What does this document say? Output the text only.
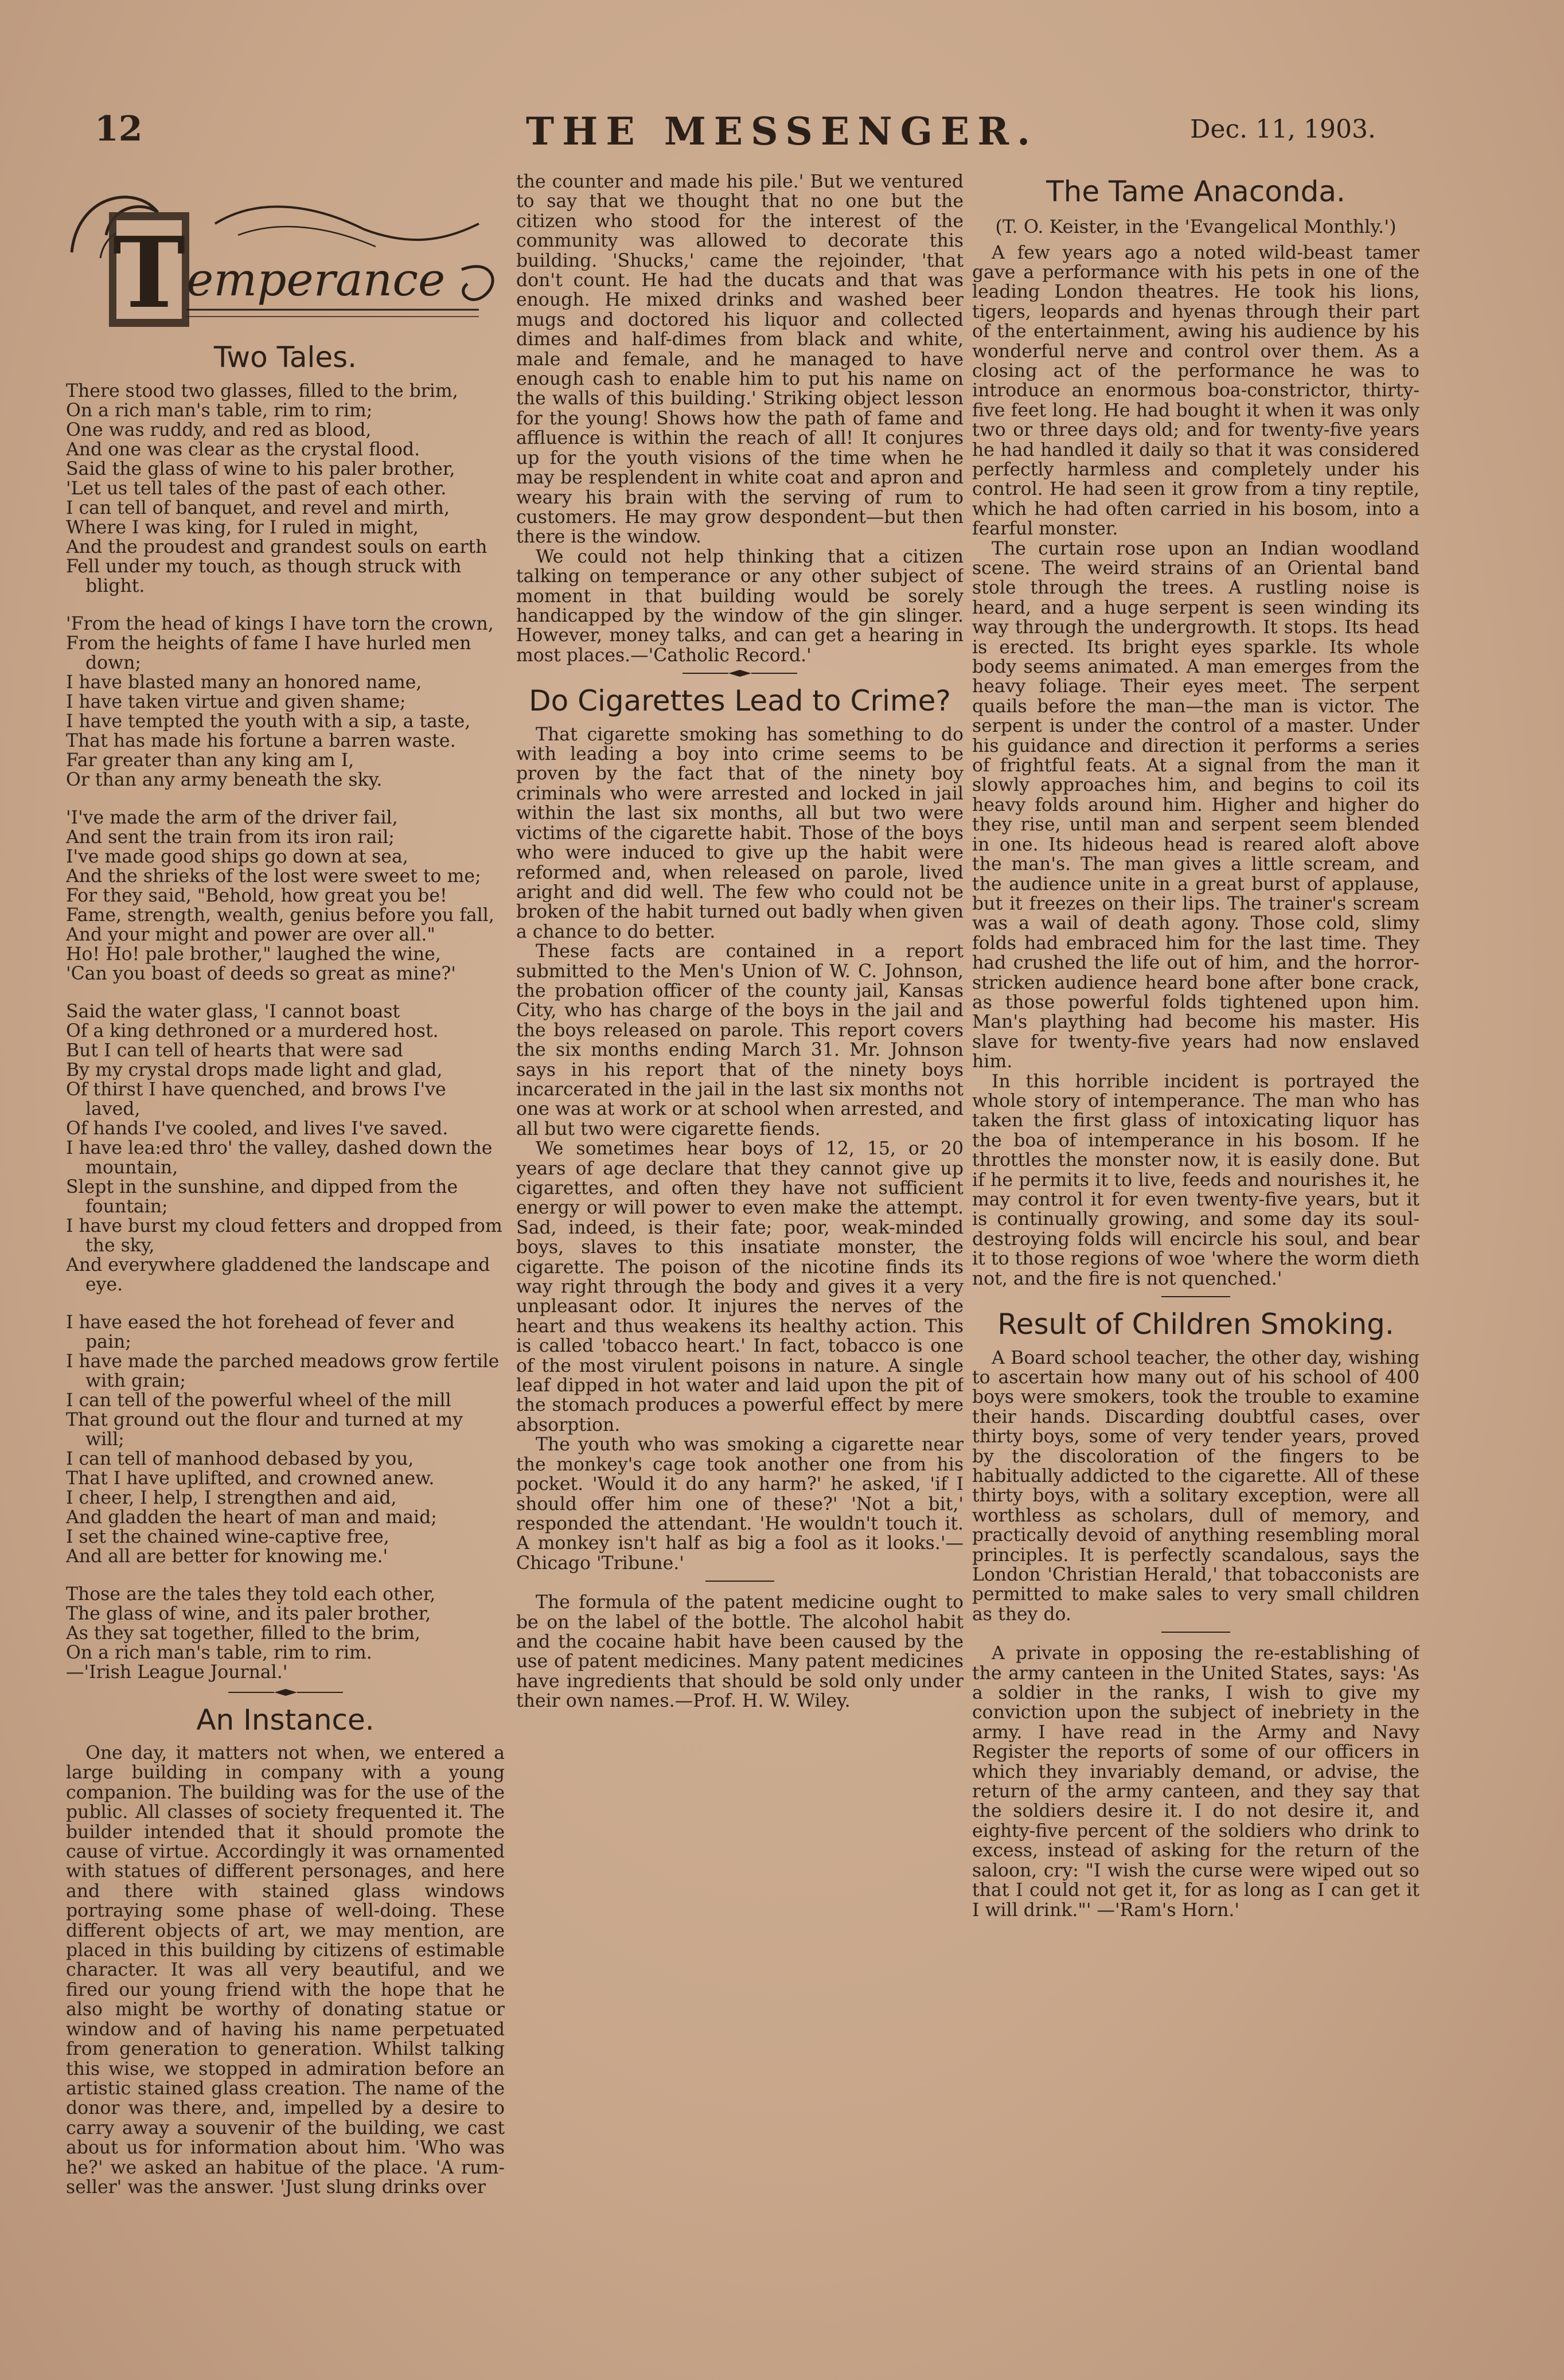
12	THE MESSENGER.	Dec. 11, 1903.
T emperance
Two Tales.
There stood two glasses, filled to the brim,
On a rich man's table, rim to rim;
One was ruddy, and red as blood,
And one was clear as the crystal flood.
Said the glass of wine to his paler brother,
'Let us tell tales of the past of each other.
I can tell of banquet, and revel and mirth,
Where I was king, for I ruled in might,
And the proudest and grandest souls on earth
Fell under my touch, as though struck with blight.
'From the head of kings I have torn the crown,
From the heights of fame I have hurled men down;
I have blasted many an honored name,
I have taken virtue and given shame;
I have tempted the youth with a sip, a taste,
That has made his fortune a barren waste.
Far greater than any king am I,
Or than any army beneath the sky.
'I've made the arm of the driver fail,
And sent the train from its iron rail;
I've made good ships go down at sea,
And the shrieks of the lost were sweet to me;
For they said, "Behold, how great you be!
Fame, strength, wealth, genius before you fall,
And your might and power are over all."
Ho! Ho! pale brother," laughed the wine,
'Can you boast of deeds so great as mine?'
Said the water glass, 'I cannot boast
Of a king dethroned or a murdered host.
But I can tell of hearts that were sad
By my crystal drops made light and glad,
Of thirst I have quenched, and brows I've laved,
Of hands I've cooled, and lives I've saved.
I have lea:ed thro' the valley, dashed down the mountain,
Slept in the sunshine, and dipped from the fountain;
I have burst my cloud fetters and dropped from the sky,
And everywhere gladdened the landscape and eye.
I have eased the hot forehead of fever and pain;
I have made the parched meadows grow fertile with grain;
I can tell of the powerful wheel of the mill
That ground out the flour and turned at my will;
I can tell of manhood debased by you,
That I have uplifted, and crowned anew.
I cheer, I help, I strengthen and aid,
And gladden the heart of man and maid;
I set the chained wine-captive free,
And all are better for knowing me.'
Those are the tales they told each other,
The glass of wine, and its paler brother,
As they sat together, filled to the brim,
On a rich man's table, rim to rim.
—'Irish League Journal.'
An Instance.

One day, it matters not when, we entered a large building in company with a young companion. The building was for the use of the public. All classes of society frequented it. The builder intended that it should promote the cause of virtue. Accordingly it was ornamented with statues of different personages, and here and there with stained glass windows portraying some phase of well-doing. These different objects of art, we may mention, are placed in this building by citizens of estimable character. It was all very beautiful, and we fired our young friend with the hope that he also might be worthy of donating statue or window and of having his name perpetuated from generation to generation. Whilst talking this wise, we stopped in admiration before an artistic stained glass creation. The name of the donor was there, and, impelled by a desire to carry away a souvenir of the building, we cast about us for information about him. 'Who was he?' we asked an habitue of the place. 'A rum-seller' was the answer. 'Just slung drinks over

the counter and made his pile.' But we ventured to say that we thought that no one but the citizen who stood for the interest of the community was allowed to decorate this building. 'Shucks,' came the rejoinder, 'that don't count. He had the ducats and that was enough. He mixed drinks and washed beer mugs and doctored his liquor and collected dimes and half-dimes from black and white, male and female, and he managed to have enough cash to enable him to put his name on the walls of this building.' Striking object lesson for the young! Shows how the path of fame and affluence is within the reach of all! It conjures up for the youth visions of the time when he may be resplendent in white coat and apron and weary his brain with the serving of rum to customers. He may grow despondent—but then there is the window.

We could not help thinking that a citizen talking on temperance or any other subject of moment in that building would be sorely handicapped by the window of the gin slinger. However, money talks, and can get a hearing in most places.—'Catholic Record.'

Do Cigarettes Lead to Crime?

That cigarette smoking has something to do with leading a boy into crime seems to be proven by the fact that of the ninety boy criminals who were arrested and locked in jail within the last six months, all but two were victims of the cigarette habit. Those of the boys who were induced to give up the habit were reformed and, when released on parole, lived aright and did well. The few who could not be broken of the habit turned out badly when given a chance to do better.

These facts are contained in a report submitted to the Men's Union of W. C. Johnson, the probation officer of the county jail, Kansas City, who has charge of the boys in the jail and the boys released on parole. This report covers the six months ending March 31. Mr. Johnson says in his report that of the ninety boys incarcerated in the jail in the last six months not one was at work or at school when arrested, and all but two were cigarette fiends.

We sometimes hear boys of 12, 15, or 20 years of age declare that they cannot give up cigarettes, and often they have not sufficient energy or will power to even make the attempt. Sad, indeed, is their fate; poor, weak-minded boys, slaves to this insatiate monster, the cigarette. The poison of the nicotine finds its way right through the body and gives it a very unpleasant odor. It injures the nerves of the heart and thus weakens its healthy action. This is called 'tobacco heart.' In fact, tobacco is one of the most virulent poisons in nature. A single leaf dipped in hot water and laid upon the pit of the stomach produces a powerful effect by mere absorption.

The youth who was smoking a cigarette near the monkey's cage took another one from his pocket. 'Would it do any harm?' he asked, 'if I should offer him one of these?' 'Not a bit,' responded the attendant. 'He wouldn't touch it. A monkey isn't half as big a fool as it looks.'—Chicago 'Tribune.'

The formula of the patent medicine ought to be on the label of the bottle. The alcohol habit and the cocaine habit have been caused by the use of patent medicines. Many patent medicines have ingredients that should be sold only under their own names.—Prof. H. W. Wiley.

The Tame Anaconda.
(T. O. Keister, in the 'Evangelical Monthly.')

A few years ago a noted wild-beast tamer gave a performance with his pets in one of the leading London theatres. He took his lions, tigers, leopards and hyenas through their part of the entertainment, awing his audience by his wonderful nerve and control over them. As a closing act of the performance he was to introduce an enormous boa-constrictor, thirty-five feet long. He had bought it when it was only two or three days old; and for twenty-five years he had handled it daily so that it was considered perfectly harmless and completely under his control. He had seen it grow from a tiny reptile, which he had often carried in his bosom, into a fearful monster.

The curtain rose upon an Indian woodland scene. The weird strains of an Oriental band stole through the trees. A rustling noise is heard, and a huge serpent is seen winding its way through the undergrowth. It stops. Its head is erected. Its bright eyes sparkle. Its whole body seems animated. A man emerges from the heavy foliage. Their eyes meet. The serpent quails before the man—the man is victor. The serpent is under the control of a master. Under his guidance and direction it performs a series of frightful feats. At a signal from the man it slowly approaches him, and begins to coil its heavy folds around him. Higher and higher do they rise, until man and serpent seem blended in one. Its hideous head is reared aloft above the man's. The man gives a little scream, and the audience unite in a great burst of applause, but it freezes on their lips. The trainer's scream was a wail of death agony. Those cold, slimy folds had embraced him for the last time. They had crushed the life out of him, and the horror-stricken audience heard bone after bone crack, as those powerful folds tightened upon him. Man's plaything had become his master. His slave for twenty-five years had now enslaved him.

In this horrible incident is portrayed the whole story of intemperance. The man who has taken the first glass of intoxicating liquor has the boa of intemperance in his bosom. If he throttles the monster now, it is easily done. But if he permits it to live, feeds and nourishes it, he may control it for even twenty-five years, but it is continually growing, and some day its soul-destroying folds will encircle his soul, and bear it to those regions of woe 'where the worm dieth not, and the fire is not quenched.'

Result of Children Smoking.

A Board school teacher, the other day, wishing to ascertain how many out of his school of 400 boys were smokers, took the trouble to examine their hands. Discarding doubtful cases, over thirty boys, some of very tender years, proved by the discoloration of the fingers to be habitually addicted to the cigarette. All of these thirty boys, with a solitary exception, were all worthless as scholars, dull of memory, and practically devoid of anything resembling moral principles. It is perfectly scandalous, says the London 'Christian Herald,' that tobacconists are permitted to make sales to very small children as they do.

A private in opposing the re-establishing of the army canteen in the United States, says: 'As a soldier in the ranks, I wish to give my conviction upon the subject of inebriety in the army. I have read in the Army and Navy Register the reports of some of our officers in which they invariably demand, or advise, the return of the army canteen, and they say that the soldiers desire it. I do not desire it, and eighty-five percent of the soldiers who drink to excess, instead of asking for the return of the saloon, cry: "I wish the curse were wiped out so that I could not get it, for as long as I can get it I will drink."' —'Ram's Horn.'
